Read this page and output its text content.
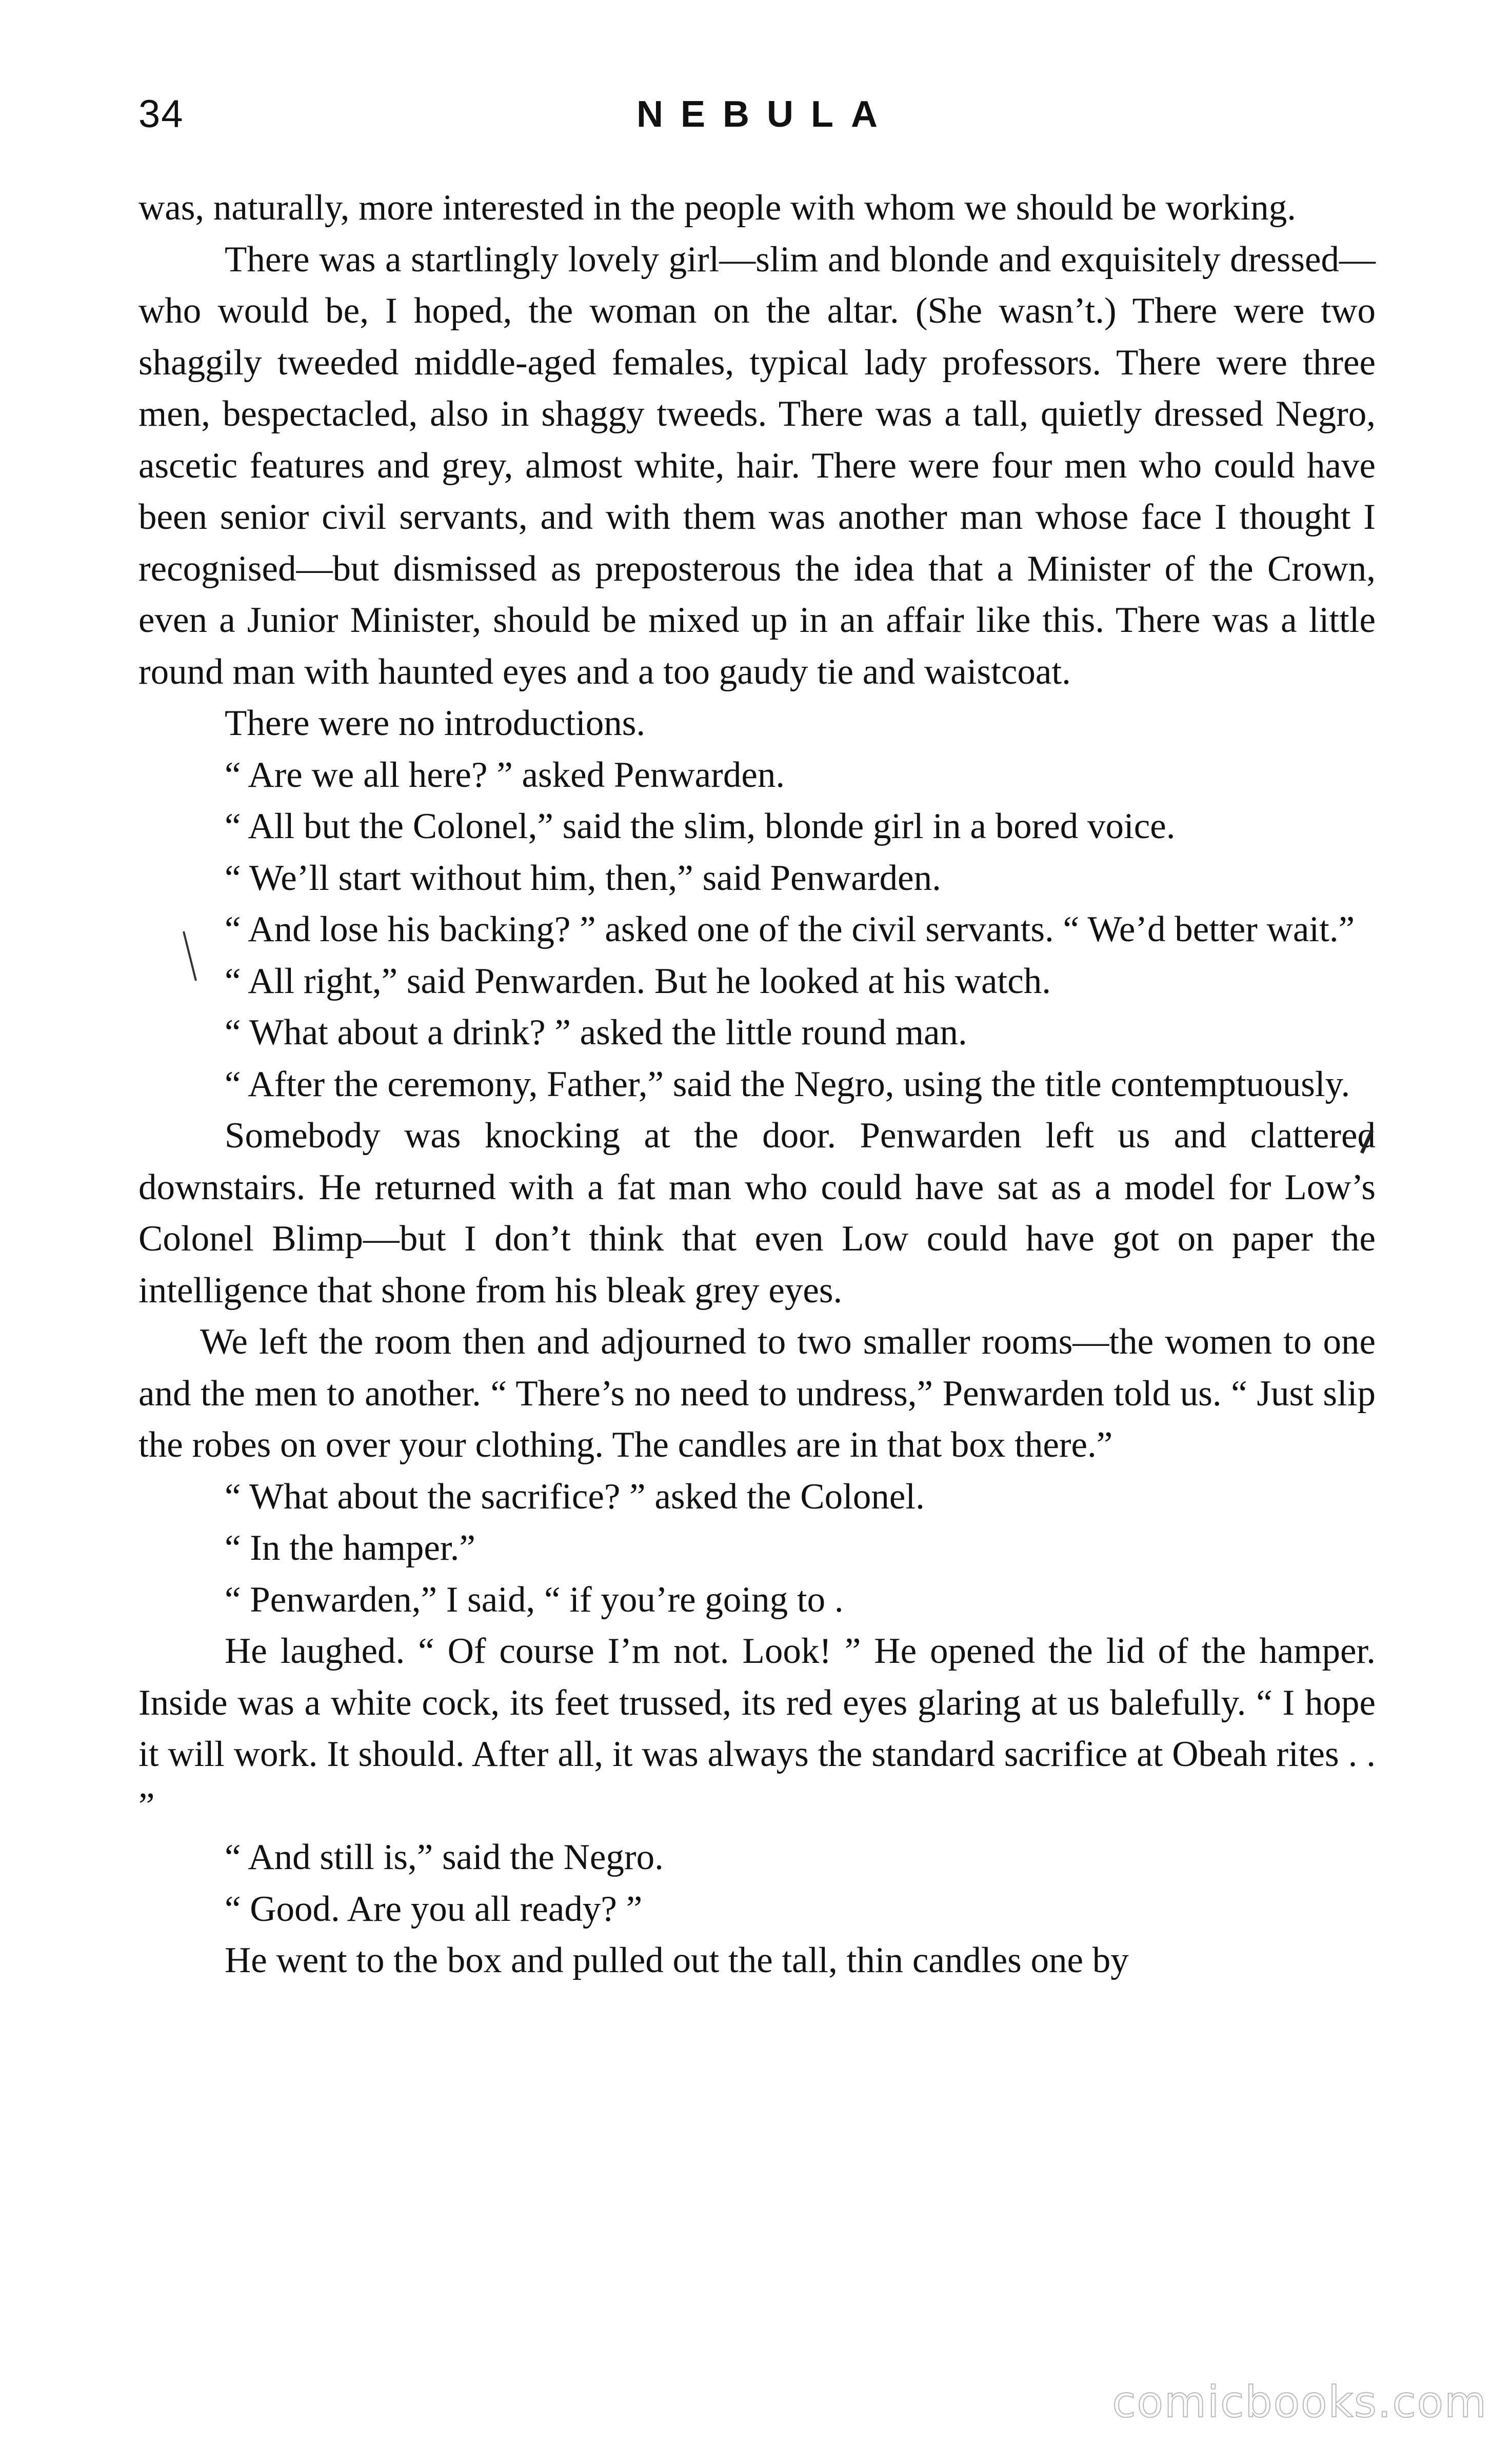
34	NEBULA

was, naturally, more interested in the people with whom we should be working.

There was a startlingly lovely girl—slim and blonde and exquisitely dressed—who would be, I hoped, the woman on the altar. (She wasn’t.) There were two shaggily tweeded middle-aged females, typical lady professors. There were three men, bespectacled, also in shaggy tweeds. There was a tall, quietly dressed Negro, ascetic features and grey, almost white, hair. There were four men who could have been senior civil servants, and with them was another man whose face I thought I recognised—but dismissed as preposterous the idea that a Minister of the Crown, even a Junior Minister, should be mixed up in an affair like this. There was a little round man with haunted eyes and a too gaudy tie and waistcoat.

There were no introductions.

“ Are we all here? ” asked Penwarden.

“ All but the Colonel,” said the slim, blonde girl in a bored voice.

“ We’ll start without him, then,” said Penwarden.

“ And lose his backing? ” asked one of the civil servants. “ We’d better wait.”

“ All right,” said Penwarden. But he looked at his watch.

“ What about a drink? ” asked the little round man.

“ After the ceremony, Father,” said the Negro, using the title contemptuously.

Somebody was knocking at the door. Penwarden left us and clattered downstairs. He returned with a fat man who could have sat as a model for Low’s Colonel Blimp—but I don’t think that even Low could have got on paper the intelligence that shone from his bleak grey eyes.

We left the room then and adjourned to two smaller rooms—the women to one and the men to another. “ There’s no need to undress,” Penwarden told us. “ Just slip the robes on over your clothing. The candles are in that box there.”

“ What about the sacrifice? ” asked the Colonel.

“ In the hamper.”

“ Penwarden,” I said, “ if you’re going to .

He laughed. “ Of course I’m not. Look! ” He opened the lid of the hamper. Inside was a white cock, its feet trussed, its red eyes glaring at us balefully. “ I hope it will work. It should. After all, it was always the standard sacrifice at Obeah rites . . ”

“ And still is,” said the Negro.

“ Good. Are you all ready? ”

He went to the box and pulled out the tall, thin candles one by

comicbooks.com
